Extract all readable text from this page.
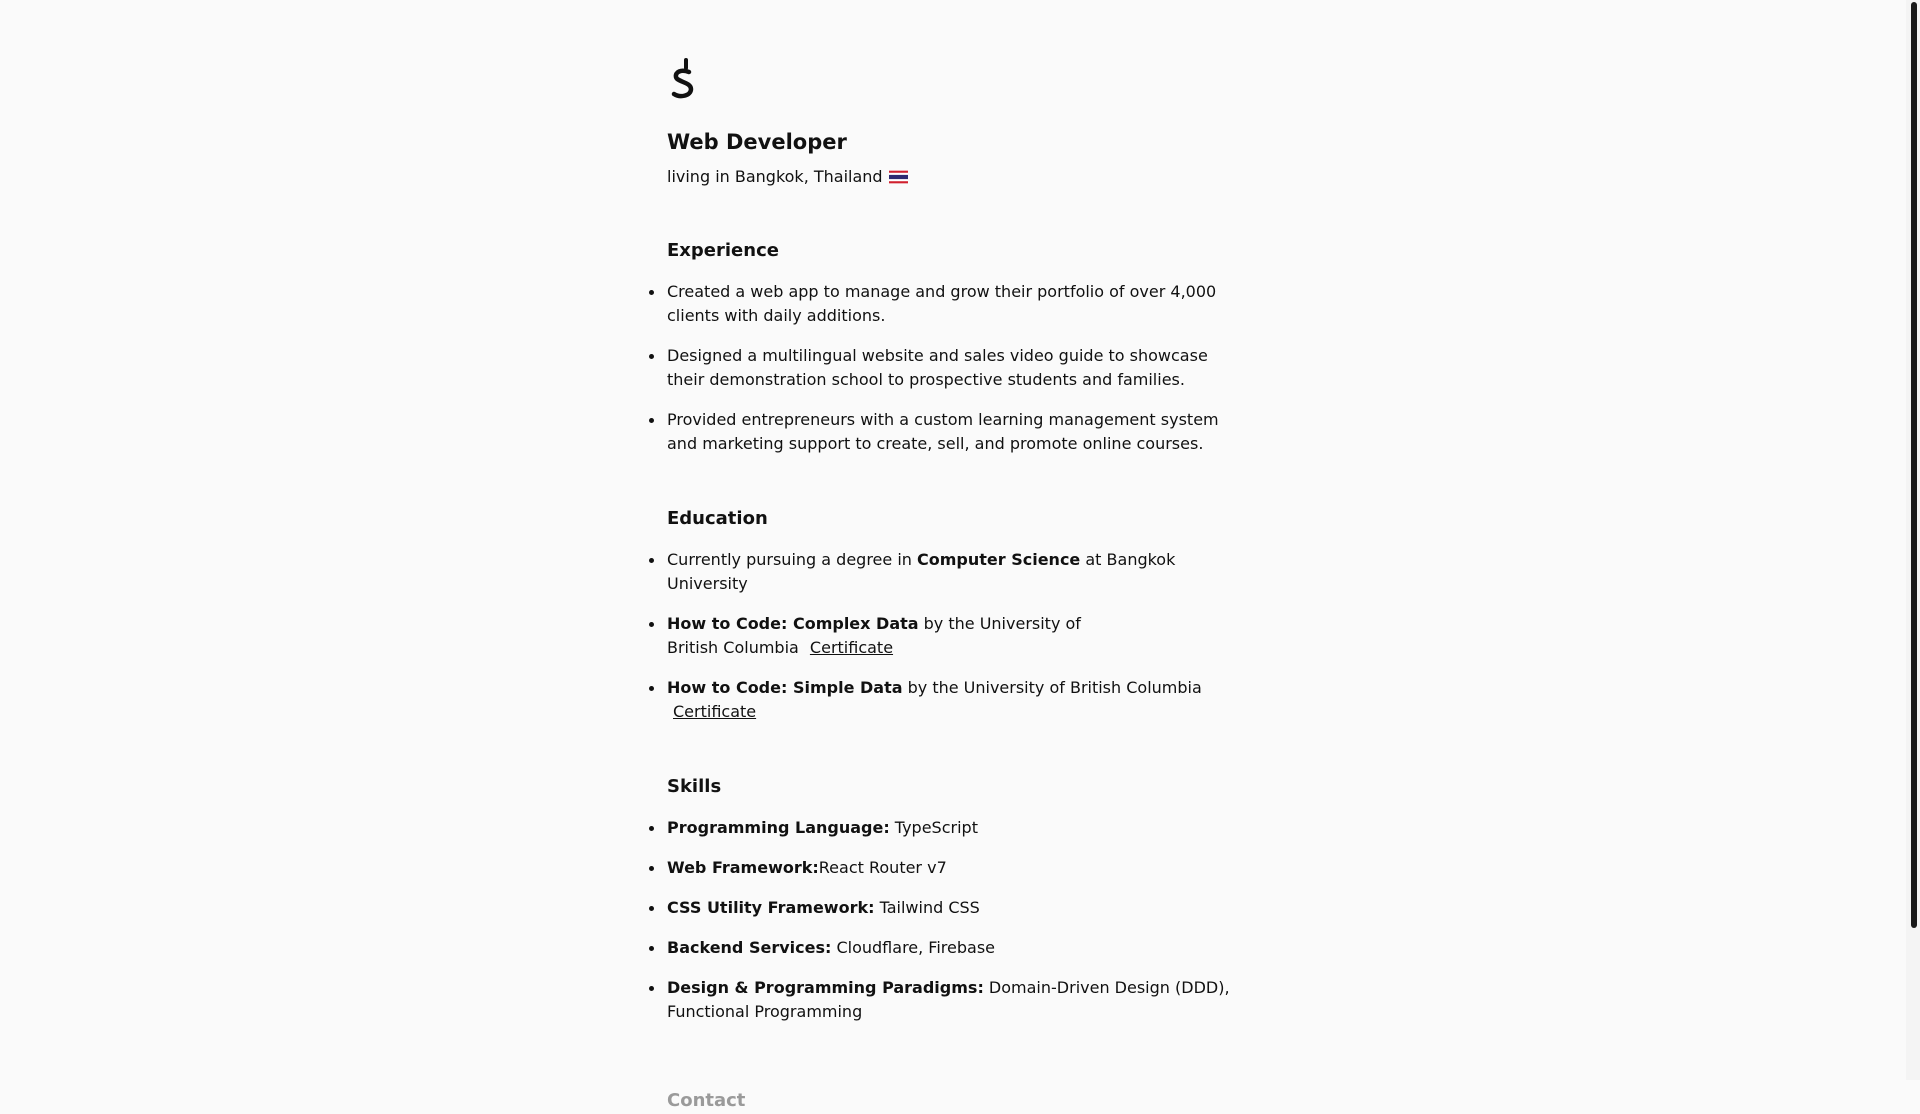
Web Developer

living in Bangkok, Thailand

Experience
Created a web app to manage and grow their portfolio of over 4,000 clients with daily additions.
Designed a multilingual website and sales video guide to showcase their demonstration school to prospective students and families.
Provided entrepreneurs with a custom learning management system and marketing support to create, sell, and promote online courses.
Education
Currently pursuing a degree in Computer Science at Bangkok University
How to Code: Complex Data by the University of British Columbia Certificate
How to Code: Simple Data by the University of British Columbia Certificate
Skills
Programming Language: TypeScript
Web Framework:React Router v7
CSS Utility Framework: Tailwind CSS
Backend Services: Cloudflare, Firebase
Design & Programming Paradigms: Domain-Driven Design (DDD), Functional Programming
Contact
